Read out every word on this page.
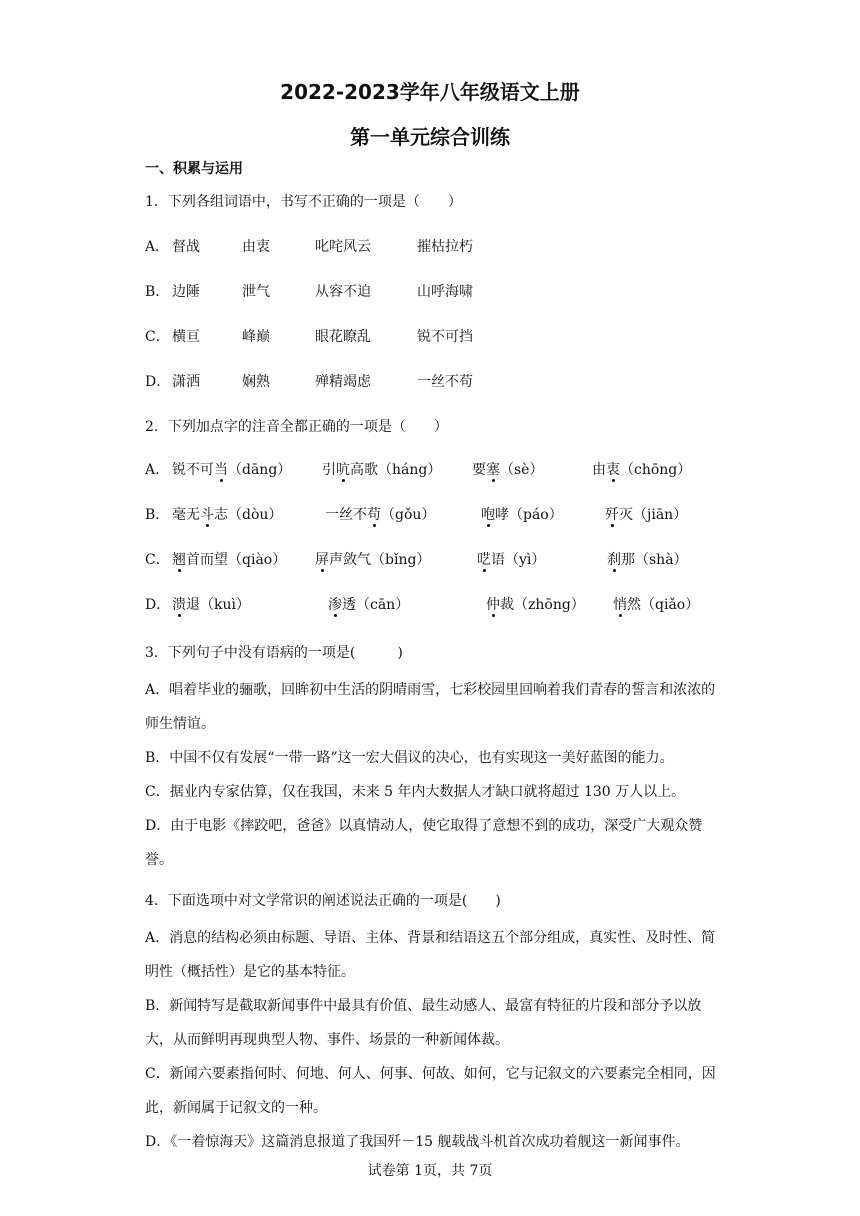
2022-2023学年八年级语文上册
第一单元综合训练
一、积累与运用
1．下列各组词语中，书写不正确的一项是（　　）
2．下列加点字的注音全都正确的一项是（　　）
3．下列句子中没有语病的一项是(　　　)
A．唱着毕业的骊歌，回眸初中生活的阴晴雨雪，七彩校园里回响着我们青春的誓言和浓浓的师生情谊。
B．中国不仅有发展“一带一路”这一宏大倡议的决心，也有实现这一美好蓝图的能力。
C．据业内专家估算，仅在我国，未来 5 年内大数据人才缺口就将超过 130 万人以上。
D．由于电影《摔跤吧，爸爸》以真情动人，使它取得了意想不到的成功，深受广大观众赞誉。
4．下面选项中对文学常识的阐述说法正确的一项是(　　)
A．消息的结构必须由标题、导语、主体、背景和结语这五个部分组成，真实性、及时性、简明性（概括性）是它的基本特征。
B．新闻特写是截取新闻事件中最具有价值、最生动感人、最富有特征的片段和部分予以放大，从而鲜明再现典型人物、事件、场景的一种新闻体裁。
C．新闻六要素指何时、何地、何人、何事、何故、如何，它与记叙文的六要素完全相同，因此，新闻属于记叙文的一种。
D．《一着惊海天》这篇消息报道了我国歼－15 舰载战斗机首次成功着舰这一新闻事件。
试卷第 1页，共 7页
A． 督战	由衷	叱咤风云	摧枯拉朽
B． 边陲	泄气	从容不迫	山呼海啸
C． 横亘	峰巅	眼花瞭乱	锐不可挡
D． 潇洒	娴熟	殚精竭虑	一丝不苟
A． 锐不可当（dāng） 引吭高歌（háng） 要塞（sè）	由衷（chōng）
B． 毫无斗志（dòu）	一丝不苟（gǒu）	咆哮（páo）	歼灭（jiān）
C． 翘首而望（qiào） 屏声敛气（bǐng）	呓语（yì）	刹那（shà）
D． 溃退（kuì）	渗透（cān）	仲裁（zhōng） 悄然（qiǎo）
